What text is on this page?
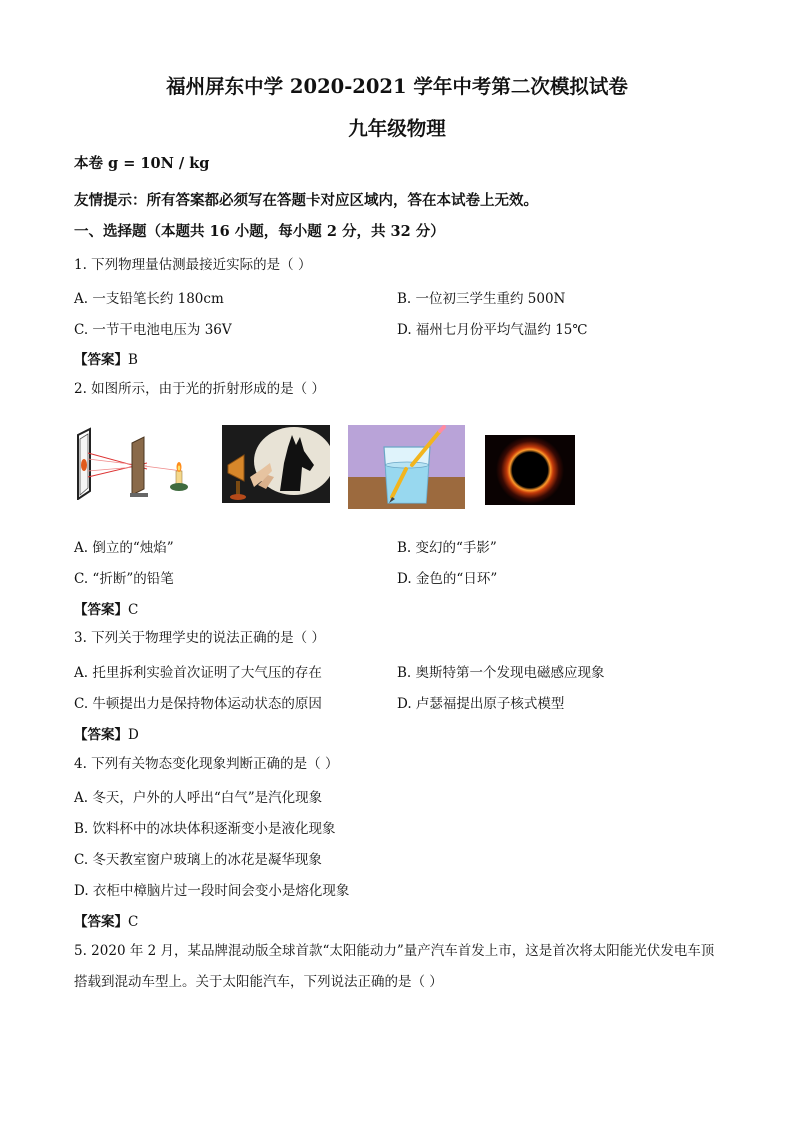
福州屏东中学 2020-2021 学年中考第二次模拟试卷
九年级物理
本卷 g = 10N / kg
友情提示：所有答案都必须写在答题卡对应区域内，答在本试卷上无效。
一、选择题（本题共 16 小题，每小题 2 分，共 32 分）
1. 下列物理量估测最接近实际的是（ ）
A. 一支铅笔长约 180cm	B. 一位初三学生重约 500N
C. 一节干电池电压为 36V	D. 福州七月份平均气温约 15℃
【答案】B
2. 如图所示，由于光的折射形成的是（ ）
A. 倒立的“烛焰”	B. 变幻的“手影”
C. “折断”的铅笔	D. 金色的“日环”
【答案】C
3. 下列关于物理学史的说法正确的是（ ）
A. 托里拆利实验首次证明了大气压的存在	B. 奥斯特第一个发现电磁感应现象
C. 牛顿提出力是保持物体运动状态的原因	D. 卢瑟福提出原子核式模型
【答案】D
4. 下列有关物态变化现象判断正确的是（ ）
A. 冬天，户外的人呼出“白气”是汽化现象
B. 饮料杯中的冰块体积逐渐变小是液化现象
C. 冬天教室窗户玻璃上的冰花是凝华现象
D. 衣柜中樟脑片过一段时间会变小是熔化现象
【答案】C
5. 2020 年 2 月，某品牌混动版全球首款“太阳能动力”量产汽车首发上市，这是首次将太阳能光伏发电车顶
搭载到混动车型上。关于太阳能汽车，下列说法正确的是（ ）
